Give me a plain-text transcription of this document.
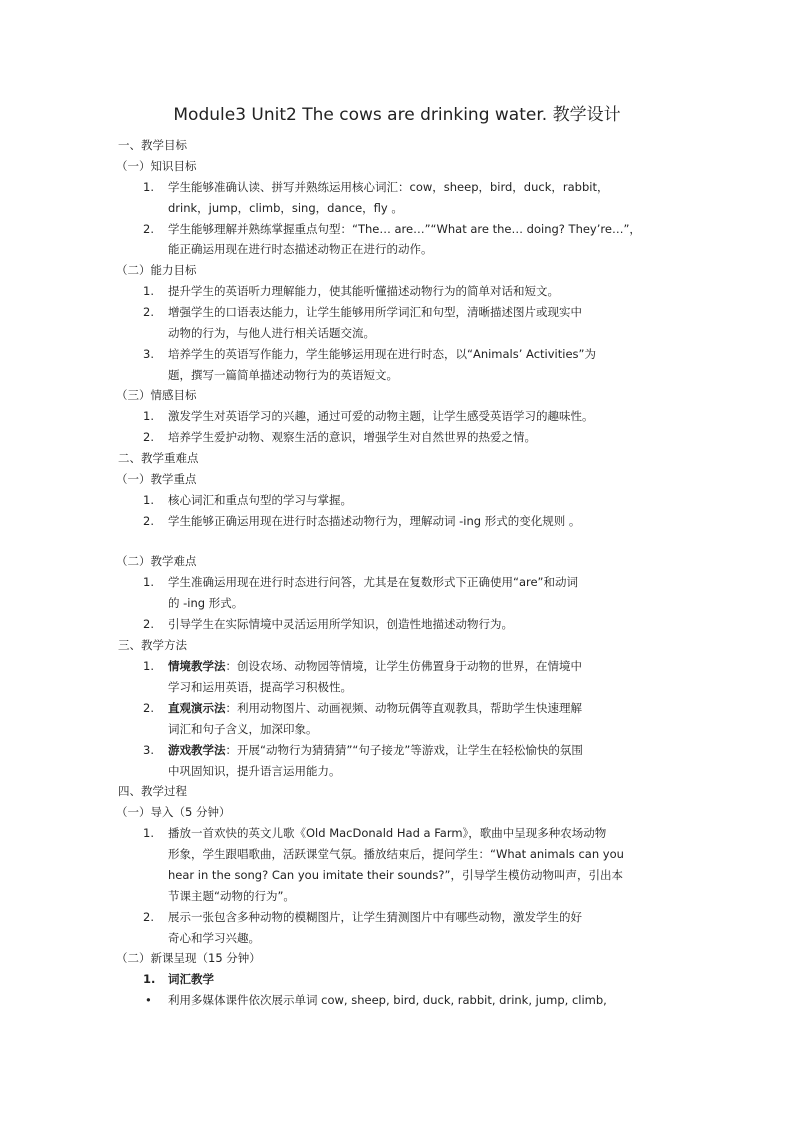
Module3 Unit2 The cows are drinking water. 教学设计
一、教学目标
（一）知识目标
1. 学生能够准确认读、拼写并熟练运用核心词汇：cow，sheep，bird，duck，rabbit，
drink，jump，climb，sing，dance，fly 。
2. 学生能够理解并熟练掌握重点句型：“The… are…”“What are the… doing? They’re…”，
能正确运用现在进行时态描述动物正在进行的动作。
（二）能力目标
1. 提升学生的英语听力理解能力，使其能听懂描述动物行为的简单对话和短文。
2. 增强学生的口语表达能力，让学生能够用所学词汇和句型，清晰描述图片或现实中
动物的行为，与他人进行相关话题交流。
3. 培养学生的英语写作能力，学生能够运用现在进行时态，以“Animals’ Activities”为
题，撰写一篇简单描述动物行为的英语短文。
（三）情感目标
1. 激发学生对英语学习的兴趣，通过可爱的动物主题，让学生感受英语学习的趣味性。
2. 培养学生爱护动物、观察生活的意识，增强学生对自然世界的热爱之情。
二、教学重难点
（一）教学重点
1. 核心词汇和重点句型的学习与掌握。
2. 学生能够正确运用现在进行时态描述动物行为，理解动词 -ing 形式的变化规则 。
（二）教学难点
1. 学生准确运用现在进行时态进行问答，尤其是在复数形式下正确使用“are”和动词
的 -ing 形式。
2. 引导学生在实际情境中灵活运用所学知识，创造性地描述动物行为。
三、教学方法
1. 情境教学法：创设农场、动物园等情境，让学生仿佛置身于动物的世界，在情境中
学习和运用英语，提高学习积极性。
2. 直观演示法：利用动物图片、动画视频、动物玩偶等直观教具，帮助学生快速理解
词汇和句子含义，加深印象。
3. 游戏教学法：开展“动物行为猜猜猜”“句子接龙”等游戏，让学生在轻松愉快的氛围
中巩固知识，提升语言运用能力。
四、教学过程
（一）导入（5 分钟）
1. 播放一首欢快的英文儿歌《Old MacDonald Had a Farm》，歌曲中呈现多种农场动物
形象，学生跟唱歌曲，活跃课堂气氛。播放结束后，提问学生：“What animals can you
hear in the song? Can you imitate their sounds?”，引导学生模仿动物叫声，引出本
节课主题“动物的行为”。
2. 展示一张包含多种动物的模糊图片，让学生猜测图片中有哪些动物，激发学生的好
奇心和学习兴趣。
（二）新课呈现（15 分钟）
1. 词汇教学
• 利用多媒体课件依次展示单词 cow, sheep, bird, duck, rabbit, drink, jump, climb,
